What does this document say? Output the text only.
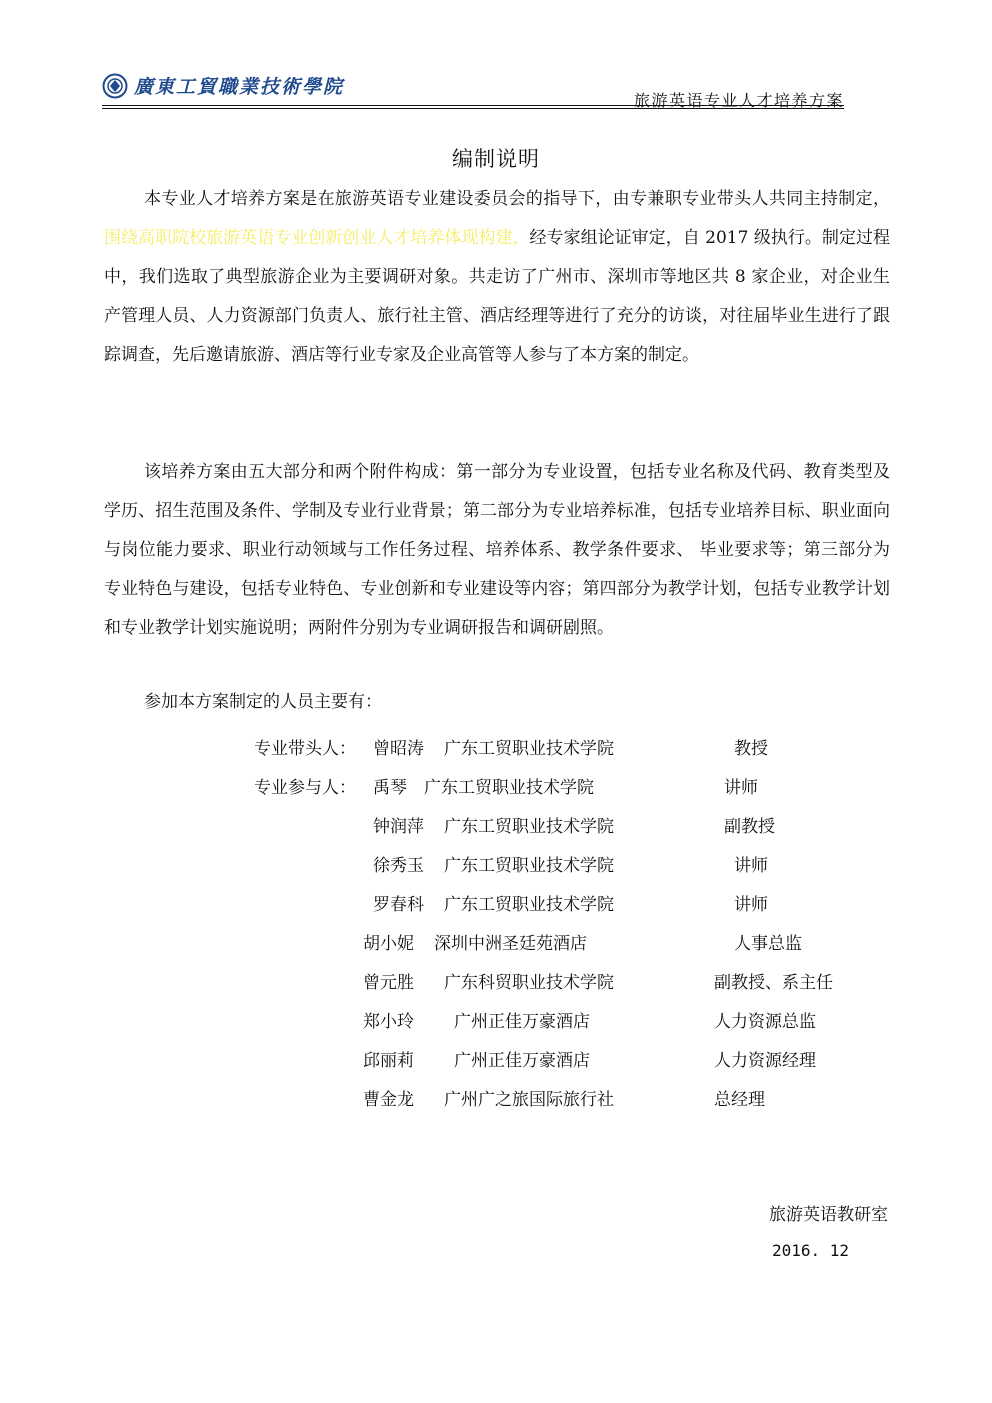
廣東工貿職業技術學院
旅游英语专业人才培养方案
编制说明

本专业人才培养方案是在旅游英语专业建设委员会的指导下，由专兼职专业带头人共同主持制定，围绕高职院校旅游英语专业创新创业人才培养体现构建，经专家组论证审定，自 2017 级执行。制定过程中，我们选取了典型旅游企业为主要调研对象。共走访了广州市、深圳市等地区共 8 家企业，对企业生产管理人员、人力资源部门负责人、旅行社主管、酒店经理等进行了充分的访谈，对往届毕业生进行了跟踪调查，先后邀请旅游、酒店等行业专家及企业高管等人参与了本方案的制定。

该培养方案由五大部分和两个附件构成：第一部分为专业设置，包括专业名称及代码、教育类型及学历、招生范围及条件、学制及专业行业背景；第二部分为专业培养标准，包括专业培养目标、职业面向与岗位能力要求、职业行动领域与工作任务过程、培养体系、教学条件要求、 毕业要求等；第三部分为专业特色与建设，包括专业特色、专业创新和专业建设等内容；第四部分为教学计划，包括专业教学计划和专业教学计划实施说明；两附件分别为专业调研报告和调研剧照。

参加本方案制定的人员主要有：
专业带头人： 曾昭涛 广东工贸职业技术学院	教授
专业参与人： 禹琴 广东工贸职业技术学院	讲师
钟润萍 广东工贸职业技术学院	副教授
徐秀玉 广东工贸职业技术学院	讲师
罗春科 广东工贸职业技术学院	讲师
胡小妮 深圳中洲圣廷苑酒店	人事总监
曾元胜 广东科贸职业技术学院	副教授、系主任
郑小玲 广州正佳万豪酒店	人力资源总监
邱丽莉 广州正佳万豪酒店	人力资源经理
曹金龙 广州广之旅国际旅行社	总经理
旅游英语教研室
2016. 12
